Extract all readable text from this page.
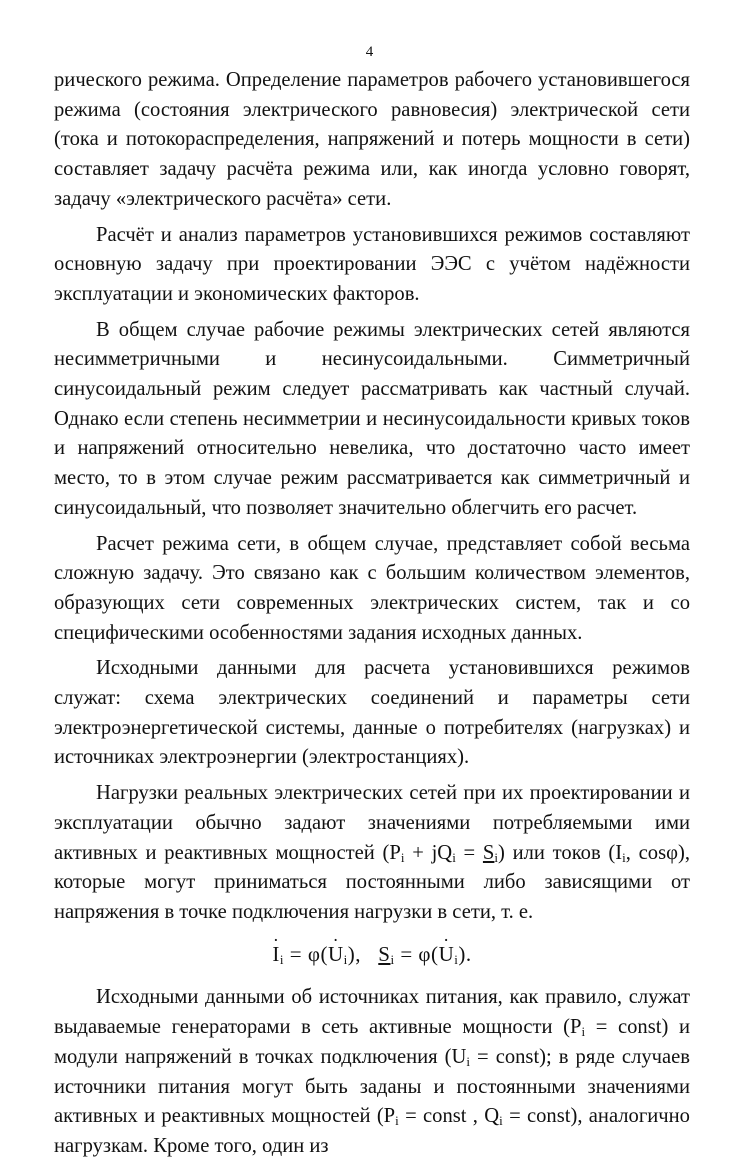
4

рического режима. Определение параметров рабочего установившегося режима (состояния электрического равновесия) электрической сети (тока и потокораспределения, напряжений и потерь мощности в сети) составляет задачу расчёта режима или, как иногда условно говорят, задачу «электрического расчёта» сети.

Расчёт и анализ параметров установившихся режимов составляют основную задачу при проектировании ЭЭС с учётом надёжности эксплуатации и экономических факторов.

В общем случае рабочие режимы электрических сетей являются несимметричными и несинусоидальными. Симметричный синусоидальный режим следует рассматривать как частный случай. Однако если степень несимметрии и несинусоидальности кривых токов и напряжений относительно невелика, что достаточно часто имеет место, то в этом случае режим рассматривается как симметричный и синусоидальный, что позволяет значительно облегчить его расчет.

Расчет режима сети, в общем случае, представляет собой весьма сложную задачу. Это связано как с большим количеством элементов, образующих сети современных электрических систем, так и со специфическими особенностями задания исходных данных.

Исходными данными для расчета установившихся режимов служат: схема электрических соединений и параметры сети электроэнергетической системы, данные о потребителях (нагрузках) и источниках электроэнергии (электростанциях).

Нагрузки реальных электрических сетей при их проектировании и эксплуатации обычно задают значениями потребляемыми ими активных и реактивных мощностей $(P_i + jQ_i = S_i)$ или токов ($I_i$, cosφ), которые могут приниматься постоянными либо зависящими от напряжения в точке подключения нагрузки в сети, т. е.

· $I_i = \varphi(\cdot U_i)$,   $S_i = \varphi(\cdot U_i)$.

Исходными данными об источниках питания, как правило, служат выдаваемые генераторами в сеть активные мощности ($P_i$ = const) и модули напряжений в точках подключения ($U_i$ = const); в ряде случаев источники питания могут быть заданы и постоянными значениями активных и реактивных мощностей ($P_i$ = const , $Q_i$ = const), аналогично нагрузкам. Кроме того, один из
